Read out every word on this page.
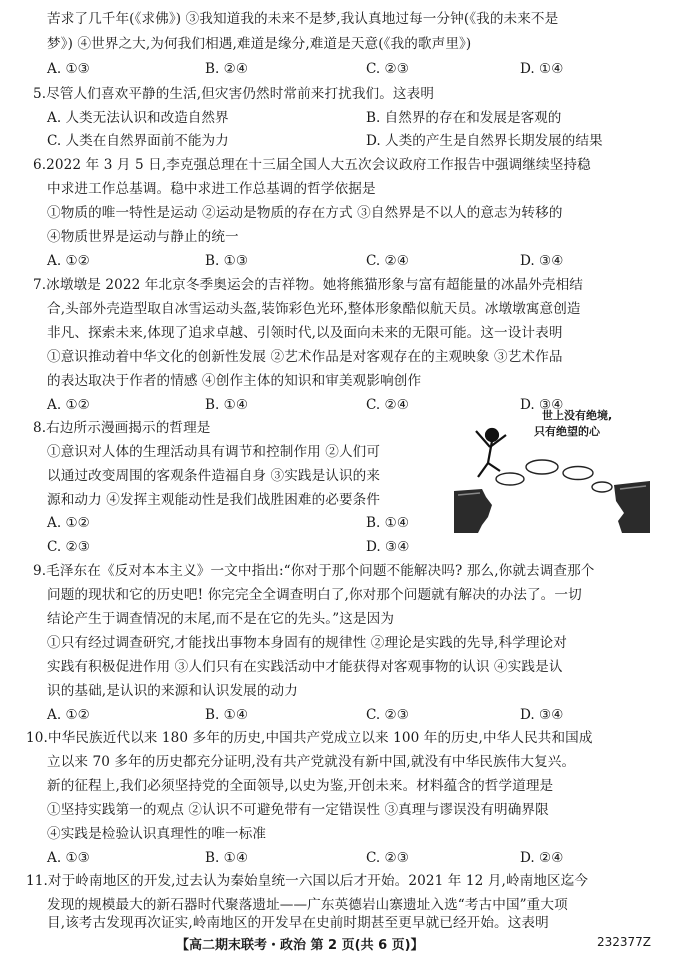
苦求了几千年(《求佛》) ③我知道我的未来不是梦,我认真地过每一分钟(《我的未来不是
梦》) ④世界之大,为何我们相遇,难道是缘分,难道是天意(《我的歌声里》)
A. ①③	B. ②④	C. ②③	D. ①④
5.尽管人们喜欢平静的生活,但灾害仍然时常前来打扰我们。这表明
A. 人类无法认识和改造自然界	B. 自然界的存在和发展是客观的
C. 人类在自然界面前不能为力	D. 人类的产生是自然界长期发展的结果
6.2022 年 3 月 5 日,李克强总理在十三届全国人大五次会议政府工作报告中强调继续坚持稳
中求进工作总基调。稳中求进工作总基调的哲学依据是
①物质的唯一特性是运动 ②运动是物质的存在方式 ③自然界是不以人的意志为转移的
④物质世界是运动与静止的统一
A. ①②	B. ①③	C. ②④	D. ③④
7.冰墩墩是 2022 年北京冬季奥运会的吉祥物。她将熊猫形象与富有超能量的冰晶外壳相结
合,头部外壳造型取自冰雪运动头盔,装饰彩色光环,整体形象酷似航天员。冰墩墩寓意创造
非凡、探索未来,体现了追求卓越、引领时代,以及面向未来的无限可能。这一设计表明
①意识推动着中华文化的创新性发展 ②艺术作品是对客观存在的主观映象 ③艺术作品
的表达取决于作者的情感 ④创作主体的知识和审美观影响创作
A. ①②	B. ①④	C. ②④	D. ③④
8.右边所示漫画揭示的哲理是
①意识对人体的生理活动具有调节和控制作用 ②人们可
以通过改变周围的客观条件造福自身 ③实践是认识的来
源和动力 ④发挥主观能动性是我们战胜困难的必要条件
A. ①②	B. ①④
C. ②③	D. ③④
世上没有绝境,
只有绝望的心
9.毛泽东在《反对本本主义》一文中指出:“你对于那个问题不能解决吗? 那么,你就去调查那个
问题的现状和它的历史吧! 你完完全全调查明白了,你对那个问题就有解决的办法了。一切
结论产生于调查情况的末尾,而不是在它的先头。”这是因为
①只有经过调查研究,才能找出事物本身固有的规律性 ②理论是实践的先导,科学理论对
实践有积极促进作用 ③人们只有在实践活动中才能获得对客观事物的认识 ④实践是认
识的基础,是认识的来源和认识发展的动力
A. ①②	B. ①④	C. ②③	D. ③④
10.中华民族近代以来 180 多年的历史,中国共产党成立以来 100 年的历史,中华人民共和国成
立以来 70 多年的历史都充分证明,没有共产党就没有新中国,就没有中华民族伟大复兴。
新的征程上,我们必须坚持党的全面领导,以史为鉴,开创未来。材料蕴含的哲学道理是
①坚持实践第一的观点 ②认识不可避免带有一定错误性 ③真理与谬误没有明确界限
④实践是检验认识真理性的唯一标准
A. ①③	B. ①④	C. ②③	D. ②④
11.对于岭南地区的开发,过去认为秦始皇统一六国以后才开始。2021 年 12 月,岭南地区迄今
发现的规模最大的新石器时代聚落遗址——广东英德岩山寨遗址入选“考古中国”重大项
目,该考古发现再次证实,岭南地区的开发早在史前时期甚至更早就已经开始。这表明
【高二期末联考・政治 第 2 页(共 6 页)】	232377Z
